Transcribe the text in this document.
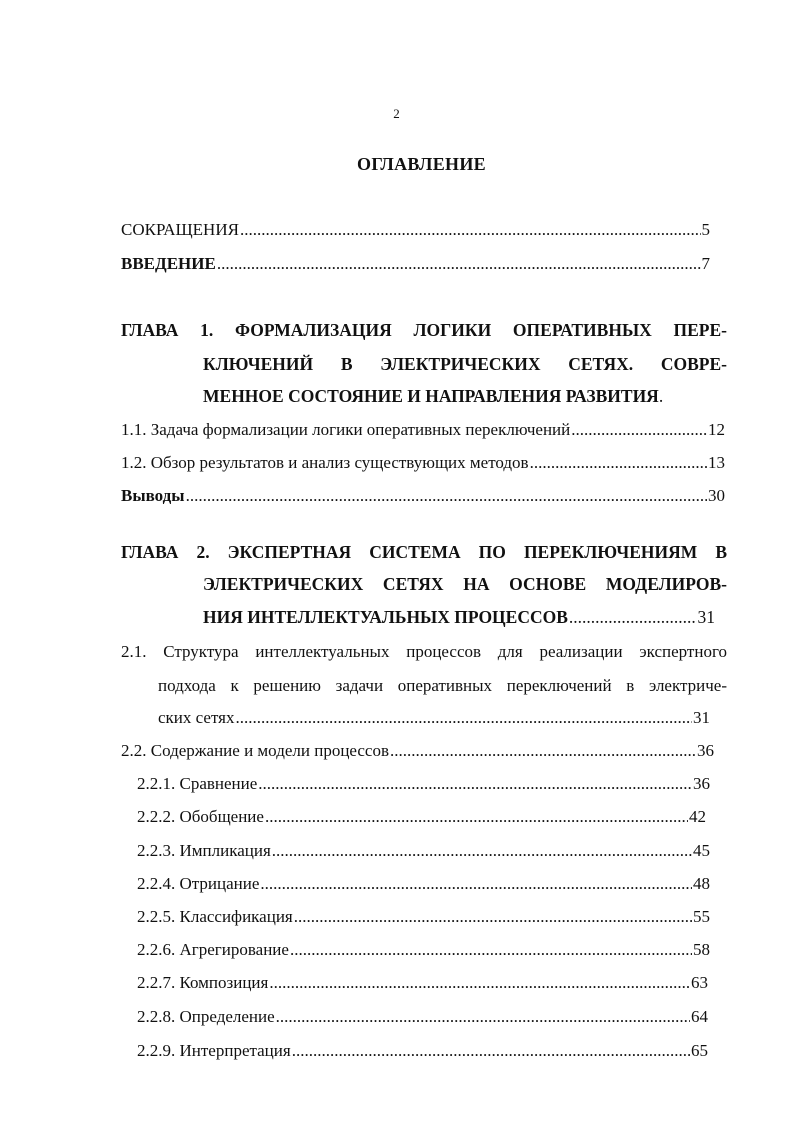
2
ОГЛАВЛЕНИЕ
СОКРАЩЕНИЯ .....	5
ВВЕДЕНИЕ .....	7
ГЛАВА 1. ФОРМАЛИЗАЦИЯ ЛОГИКИ ОПЕРАТИВНЫХ ПЕРЕ-
КЛЮЧЕНИЙ В ЭЛЕКТРИЧЕСКИХ СЕТЯХ. СОВРЕ-
МЕННОЕ СОСТОЯНИЕ И НАПРАВЛЕНИЯ РАЗВИТИЯ.
1.1. Задача формализации логики оперативных переключений .....	12
1.2. Обзор результатов и анализ существующих методов .....	13
Выводы .....	30
ГЛАВА 2. ЭКСПЕРТНАЯ СИСТЕМА ПО ПЕРЕКЛЮЧЕНИЯМ В
ЭЛЕКТРИЧЕСКИХ СЕТЯХ НА ОСНОВЕ МОДЕЛИРОВ-
НИЯ ИНТЕЛЛЕКТУАЛЬНЫХ ПРОЦЕССОВ .....	31
2.1. Структура интеллектуальных процессов для реализации экспертного
подхода к решению задачи оперативных переключений в электриче-
ских сетях .....	31
2.2. Содержание и модели процессов .....	36
2.2.1. Сравнение .....	36
2.2.2. Обобщение .....	42
2.2.3. Импликация .....	45
2.2.4. Отрицание .....	48
2.2.5. Классификация .....	55
2.2.6. Агрегирование .....	58
2.2.7. Композиция .....	63
2.2.8. Определение .....	64
2.2.9. Интерпретация .....	65
